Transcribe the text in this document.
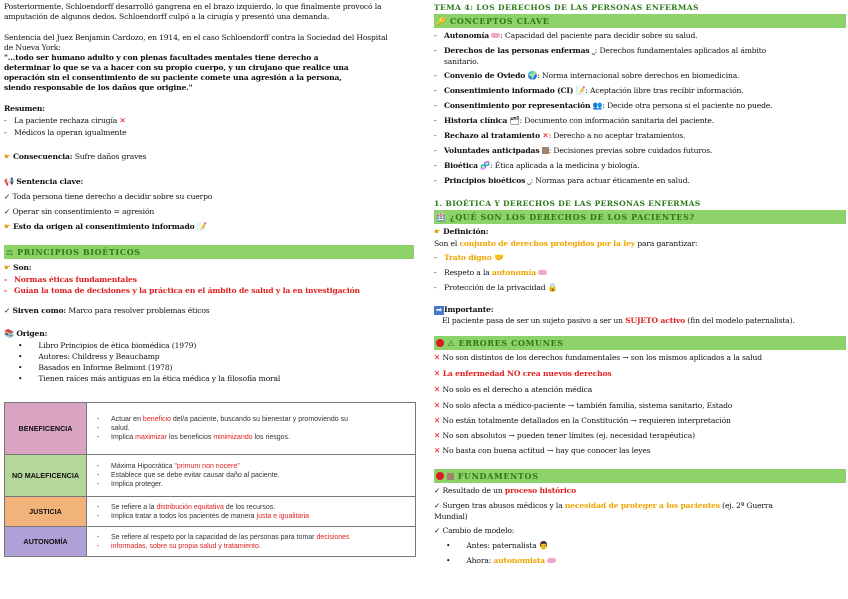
Posteriormente, Schloendorff desarrolló gangrena en el brazo izquierdo, lo que finalmente provocó la
amputación de algunos dedos. Schloendorff culpó a la cirugía y presentó una demanda.
Sentencia del Juez Benjamin Cardozo, en 1914, en el caso Schloendorff contra la Sociedad del Hospital
de Nueva York:
"…todo ser humano adulto y con plenas facultades mentales tiene derecho a
determinar lo que se va a hacer con su propio cuerpo, y un cirujano que realice una
operación sin el consentimiento de su paciente comete una agresión a la persona,
siendo responsable de los daños que origine."
Resumen:
- La paciente rechaza cirugía ✕
- Médicos la operan igualmente
☛ Consecuencia: Sufre daños graves
📢 Sentencia clave:
✓ Toda persona tiene derecho a decidir sobre su cuerpo
✓ Operar sin consentimiento = agresión
☛ Esto da origen al consentimiento informado 📝
⚖ PRINCIPIOS BIOÉTICOS
☛ Son:
- Normas éticas fundamentales
- Guían la toma de decisiones y la práctica en el ámbito de salud y la en investigación
✓ Sirven como: Marco para resolver problemas éticos
📚 Origen:
• Libro Principios de ética biomédica (1979)
• Autores: Childress y Beauchamp
• Basados en Informe Belmont (1978)
• Tienen raíces más antiguas en la ética médica y la filosofía moral
BENEFICENCIA	- Actuar en beneficio del/a paciente, buscando su bienestar y promoviendo su
- salud.
- Implica maximizar los beneficios minimizando los riesgos.

NO MALEFICENCIA	- Máxima Hipocrática "primum non nocere"
- Establece que se debe evitar causar daño al paciente.
- Implica proteger.

JUSTICIA	- Se refiere a la distribución equitativa de los recursos.
- Implica tratar a todos los pacientes de manera justa e igualitaria

AUTONOMÍA	- Se refiere al respeto por la capacidad de las personas para tomar decisiones
- informadas, sobre su propia salud y tratamiento.
TEMA 4: LOS DERECHOS DE LAS PERSONAS ENFERMAS
🔑 CONCEPTOS CLAVE
- Autonomía : Capacidad del paciente para decidir sobre su salud.
- Derechos de las personas enfermas ⎵: Derechos fundamentales aplicados al ámbito
sanitario.
- Convenio de Oviedo 🌍: Norma internacional sobre derechos en biomedicina.
- Consentimiento informado (CI) 📝: Aceptación libre tras recibir información.
- Consentimiento por representación 👥: Decide otra persona si el paciente no puede.
- Historia clínica 🗂: Documento con información sanitaria del paciente.
- Rechazo al tratamiento ✕: Derecho a no aceptar tratamientos.
- Voluntades anticipadas : Decisiones previas sobre cuidados futuros.
- Bioética 🧬: Ética aplicada a la medicina y biología.
- Principios bioéticos ⎵: Normas para actuar éticamente en salud.
1. BIOÉTICA Y DERECHOS DE LAS PERSONAS ENFERMAS
🏥 ¿QUÉ SON LOS DERECHOS DE LOS PACIENTES?
☛ Definición:
Son el conjunto de derechos protegidos por la ley para garantizar:
- Trato digno 🤝
- Respeto a la autonomía
- Protección de la privacidad 🔒
➡ Importante:
El paciente pasa de ser un sujeto pasivo a ser un SUJETO activo (fin del modelo paternalista).
⚠ ERRORES COMUNES
✕ No son distintos de los derechos fundamentales → son los mismos aplicados a la salud
✕ La enfermedad NO crea nuevos derechos
✕ No solo es el derecho a atención médica
✕ No solo afecta a médico-paciente → también familia, sistema sanitario, Estado
✕ No están totalmente detallados en la Constitución → requieren interpretación
✕ No son absolutos → pueden tener límites (ej. necesidad terapéutica)
✕ No basta con buena actitud → hay que conocer las leyes
FUNDAMENTOS
✓ Resultado de un proceso histórico
✓ Surgen tras abusos médicos y la necesidad de proteger a los pacientes (ej. 2ª Guerra
Mundial)
✓ Cambio de modelo:
• Antes: paternalista 👨
• Ahora: autonomista
